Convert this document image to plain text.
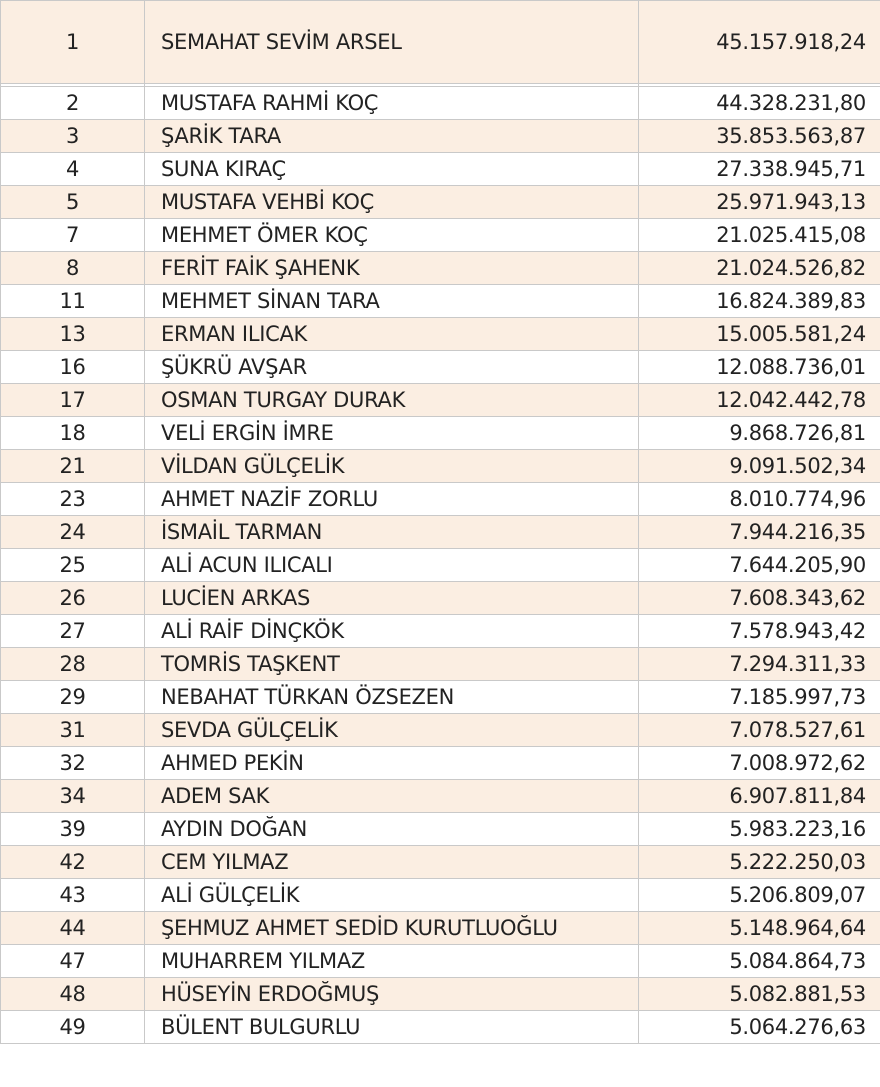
1	SEMAHAT SEVİM ARSEL	45.157.918,24

2	MUSTAFA RAHMİ KOÇ	44.328.231,80
3	ŞARİK TARA	35.853.563,87
4	SUNA KIRAÇ	27.338.945,71
5	MUSTAFA VEHBİ KOÇ	25.971.943,13
7	MEHMET ÖMER KOÇ	21.025.415,08
8	FERİT FAİK ŞAHENK	21.024.526,82
11	MEHMET SİNAN TARA	16.824.389,83
13	ERMAN ILICAK	15.005.581,24
16	ŞÜKRÜ AVŞAR	12.088.736,01
17	OSMAN TURGAY DURAK	12.042.442,78
18	VELİ ERGİN İMRE	9.868.726,81
21	VİLDAN GÜLÇELİK	9.091.502,34
23	AHMET NAZİF ZORLU	8.010.774,96
24	İSMAİL TARMAN	7.944.216,35
25	ALİ ACUN ILICALI	7.644.205,90
26	LUCİEN ARKAS	7.608.343,62
27	ALİ RAİF DİNÇKÖK	7.578.943,42
28	TOMRİS TAŞKENT	7.294.311,33
29	NEBAHAT TÜRKAN ÖZSEZEN	7.185.997,73
31	SEVDA GÜLÇELİK	7.078.527,61
32	AHMED PEKİN	7.008.972,62
34	ADEM SAK	6.907.811,84
39	AYDIN DOĞAN	5.983.223,16
42	CEM YILMAZ	5.222.250,03
43	ALİ GÜLÇELİK	5.206.809,07
44	ŞEHMUZ AHMET SEDİD KURUTLUOĞLU	5.148.964,64
47	MUHARREM YILMAZ	5.084.864,73
48	HÜSEYİN ERDOĞMUŞ	5.082.881,53
49	BÜLENT BULGURLU	5.064.276,63
